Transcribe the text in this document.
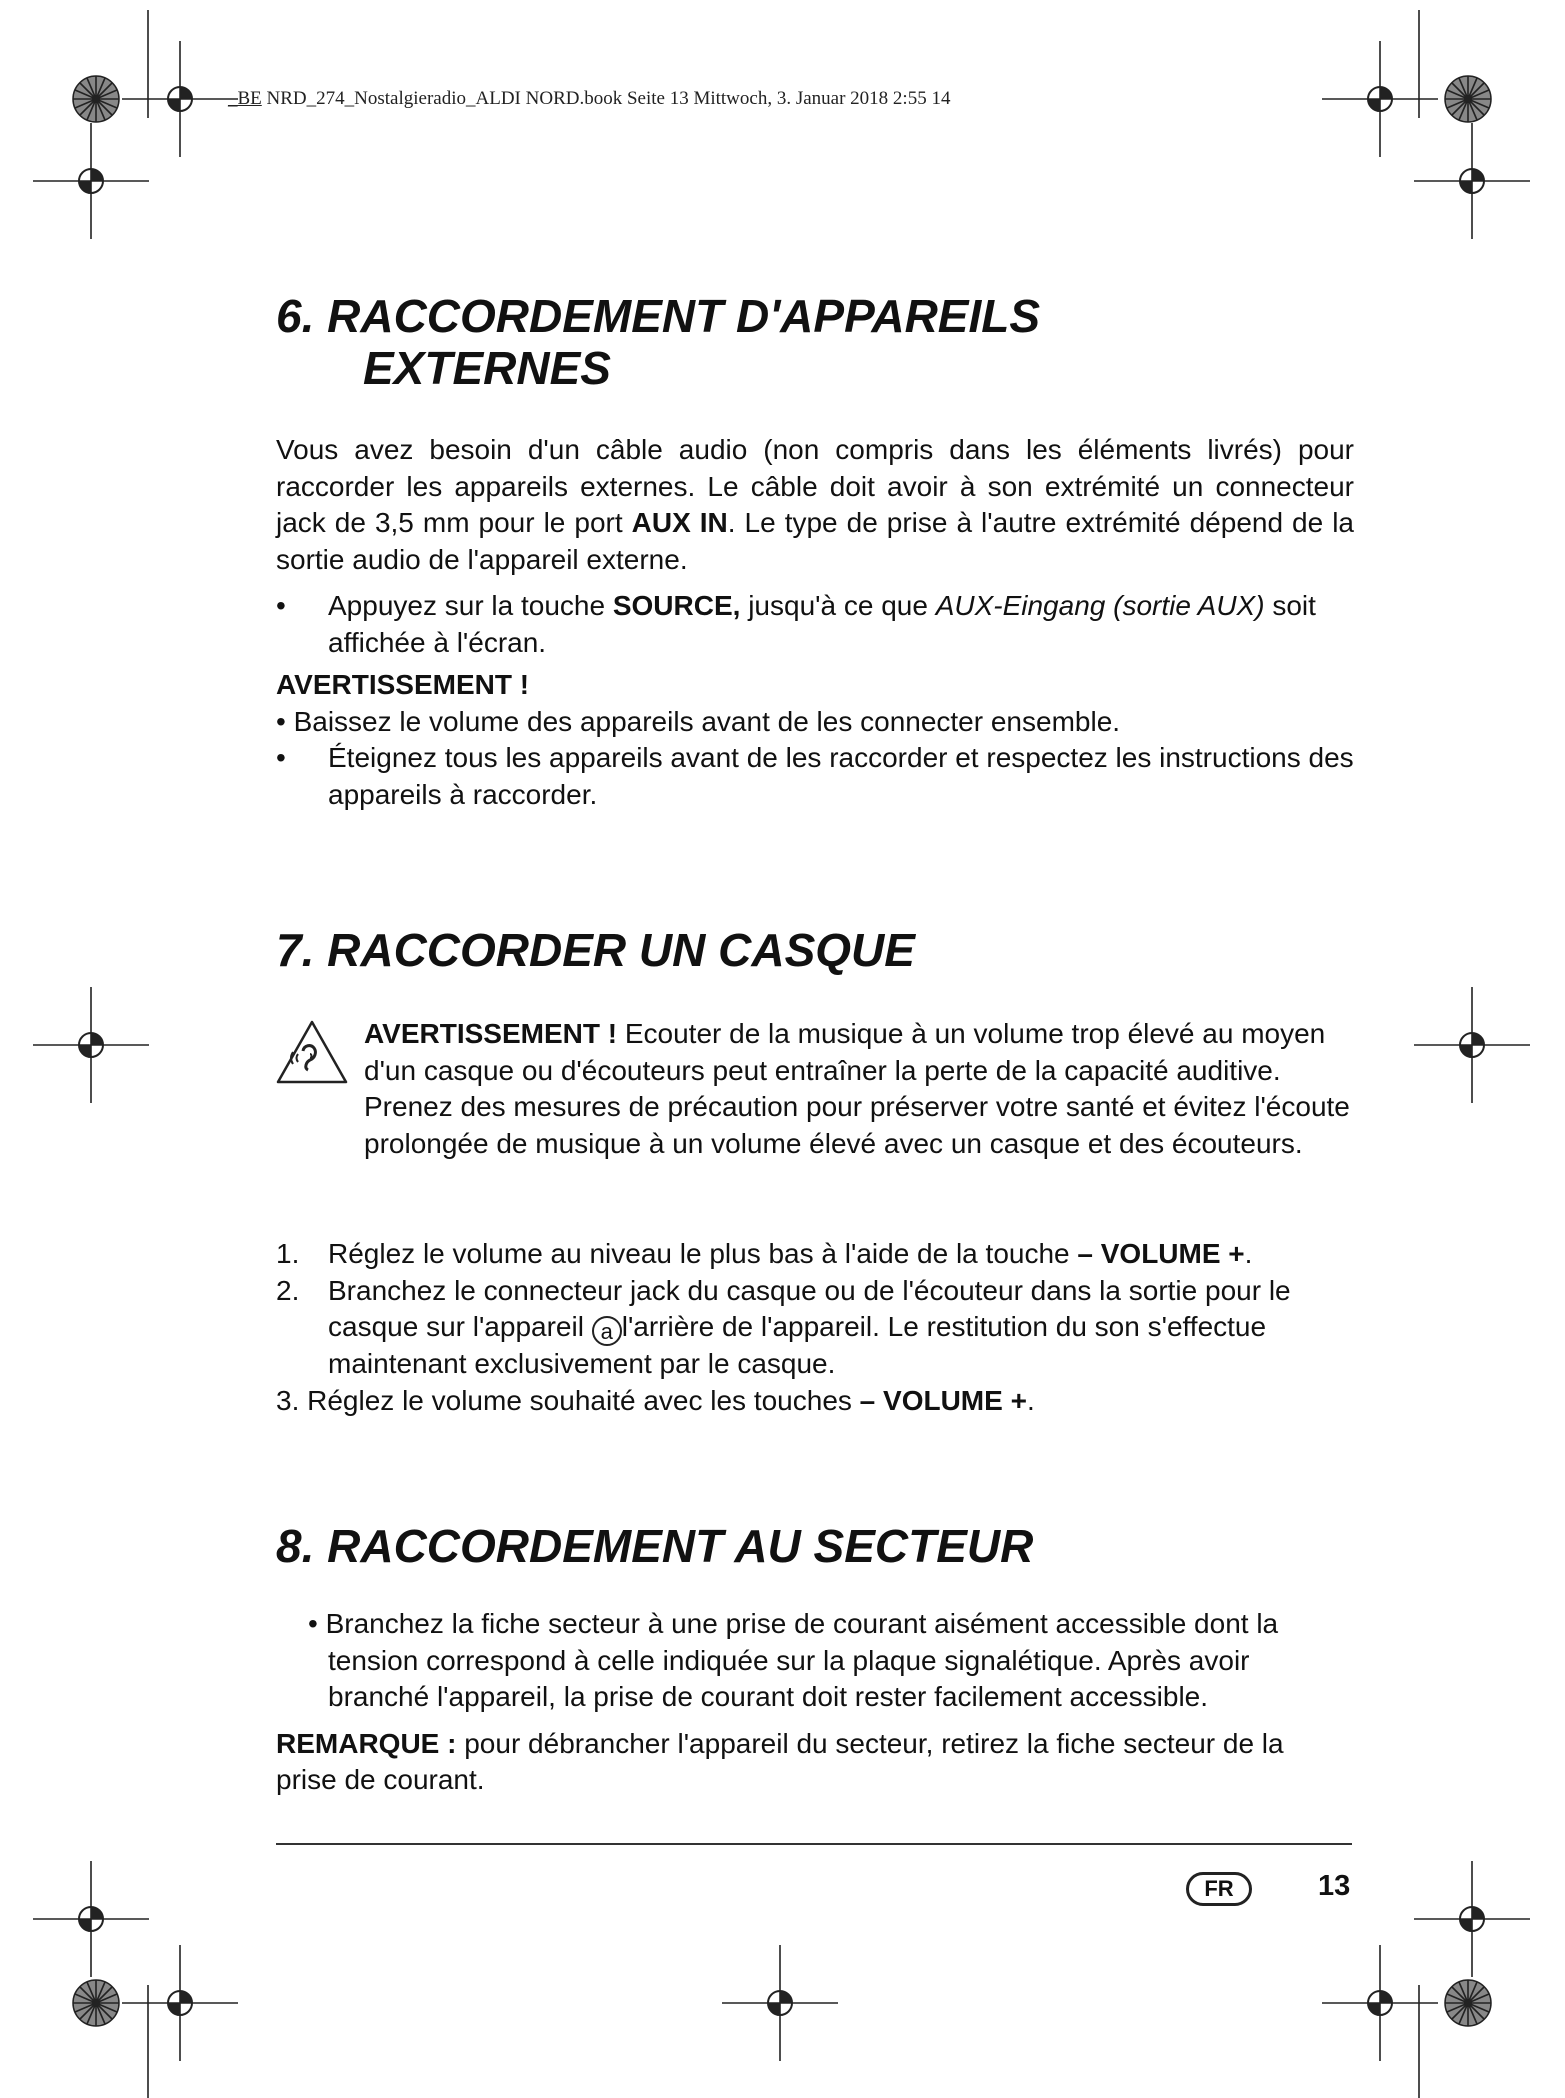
_BE NRD_274_Nostalgieradio_ALDI NORD.book Seite 13 Mittwoch, 3. Januar 2018 2:55 14
6. RACCORDEMENT D'APPAREILS
EXTERNES

Vous avez besoin d'un câble audio (non compris dans les éléments livrés) pour raccorder les appareils externes. Le câble doit avoir à son extrémité un connecteur jack de 3,5 mm pour le port AUX IN. Le type de prise à l'autre extrémité dépend de la sortie audio de l'appareil externe.

•	Appuyez sur la touche SOURCE, jusqu'à ce que AUX-Eingang (sortie AUX) soit affichée à l'écran.

AVERTISSEMENT !

• Baissez le volume des appareils avant de les connecter ensemble.

•	Éteignez tous les appareils avant de les raccorder et respectez les instructions des appareils à raccorder.
7. RACCORDER UN CASQUE

AVERTISSEMENT ! Ecouter de la musique à un volume trop élevé au moyen d'un casque ou d'écouteurs peut entraîner la perte de la capacité auditive. Prenez des mesures de précaution pour préserver votre santé et évitez l'écoute prolongée de musique à un volume élevé avec un casque et des écouteurs.

1.	Réglez le volume au niveau le plus bas à l'aide de la touche – VOLUME +.
2.	Branchez le connecteur jack du casque ou de l'écouteur dans la sortie pour le casque sur l'appareil a l'arrière de l'appareil. Le restitution du son s'effectue maintenant exclusivement par le casque.

3. Réglez le volume souhaité avec les touches – VOLUME +.

8. RACCORDEMENT AU SECTEUR

• Branchez la fiche secteur à une prise de courant aisément accessible dont la tension correspond à celle indiquée sur la plaque signalétique. Après avoir branché l'appareil, la prise de courant doit rester facilement accessible.

REMARQUE : pour débrancher l'appareil du secteur, retirez la fiche secteur de la prise de courant.

FR	13
